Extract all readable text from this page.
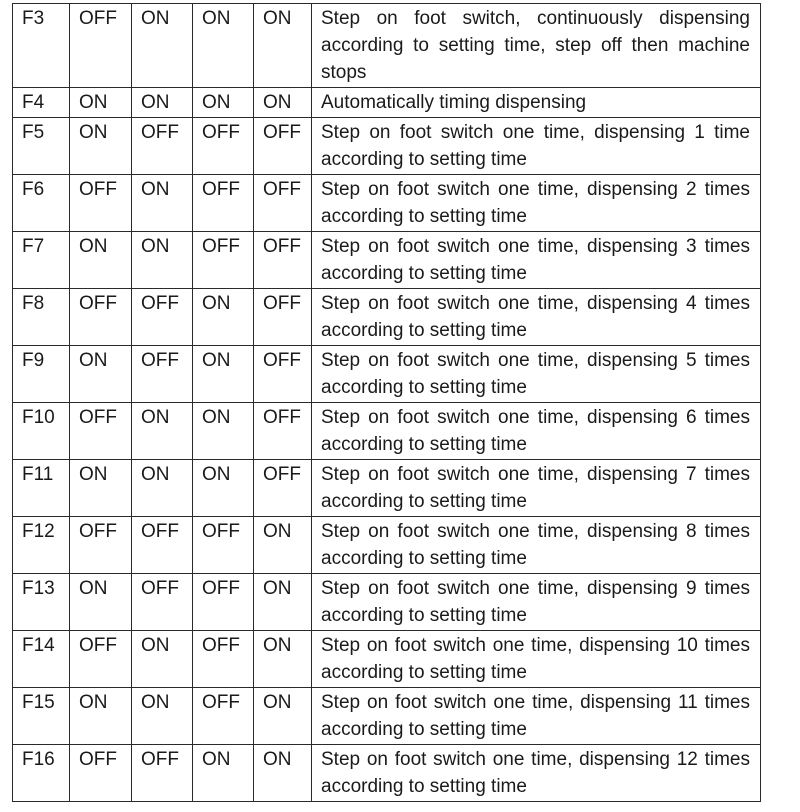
F3	OFF	ON	ON	ON	Step on foot switch, continuously dispensing according to setting time, step off then machine stops
F4	ON	ON	ON	ON	Automatically timing dispensing
F5	ON	OFF	OFF	OFF	Step on foot switch one time, dispensing 1 time according to setting time
F6	OFF	ON	OFF	OFF	Step on foot switch one time, dispensing 2 times according to setting time
F7	ON	ON	OFF	OFF	Step on foot switch one time, dispensing 3 times according to setting time
F8	OFF	OFF	ON	OFF	Step on foot switch one time, dispensing 4 times according to setting time
F9	ON	OFF	ON	OFF	Step on foot switch one time, dispensing 5 times according to setting time
F10	OFF	ON	ON	OFF	Step on foot switch one time, dispensing 6 times according to setting time
F11	ON	ON	ON	OFF	Step on foot switch one time, dispensing 7 times according to setting time
F12	OFF	OFF	OFF	ON	Step on foot switch one time, dispensing 8 times according to setting time
F13	ON	OFF	OFF	ON	Step on foot switch one time, dispensing 9 times according to setting time
F14	OFF	ON	OFF	ON	Step on foot switch one time, dispensing 10 times according to setting time
F15	ON	ON	OFF	ON	Step on foot switch one time, dispensing 11 times according to setting time
F16	OFF	OFF	ON	ON	Step on foot switch one time, dispensing 12 times according to setting time
